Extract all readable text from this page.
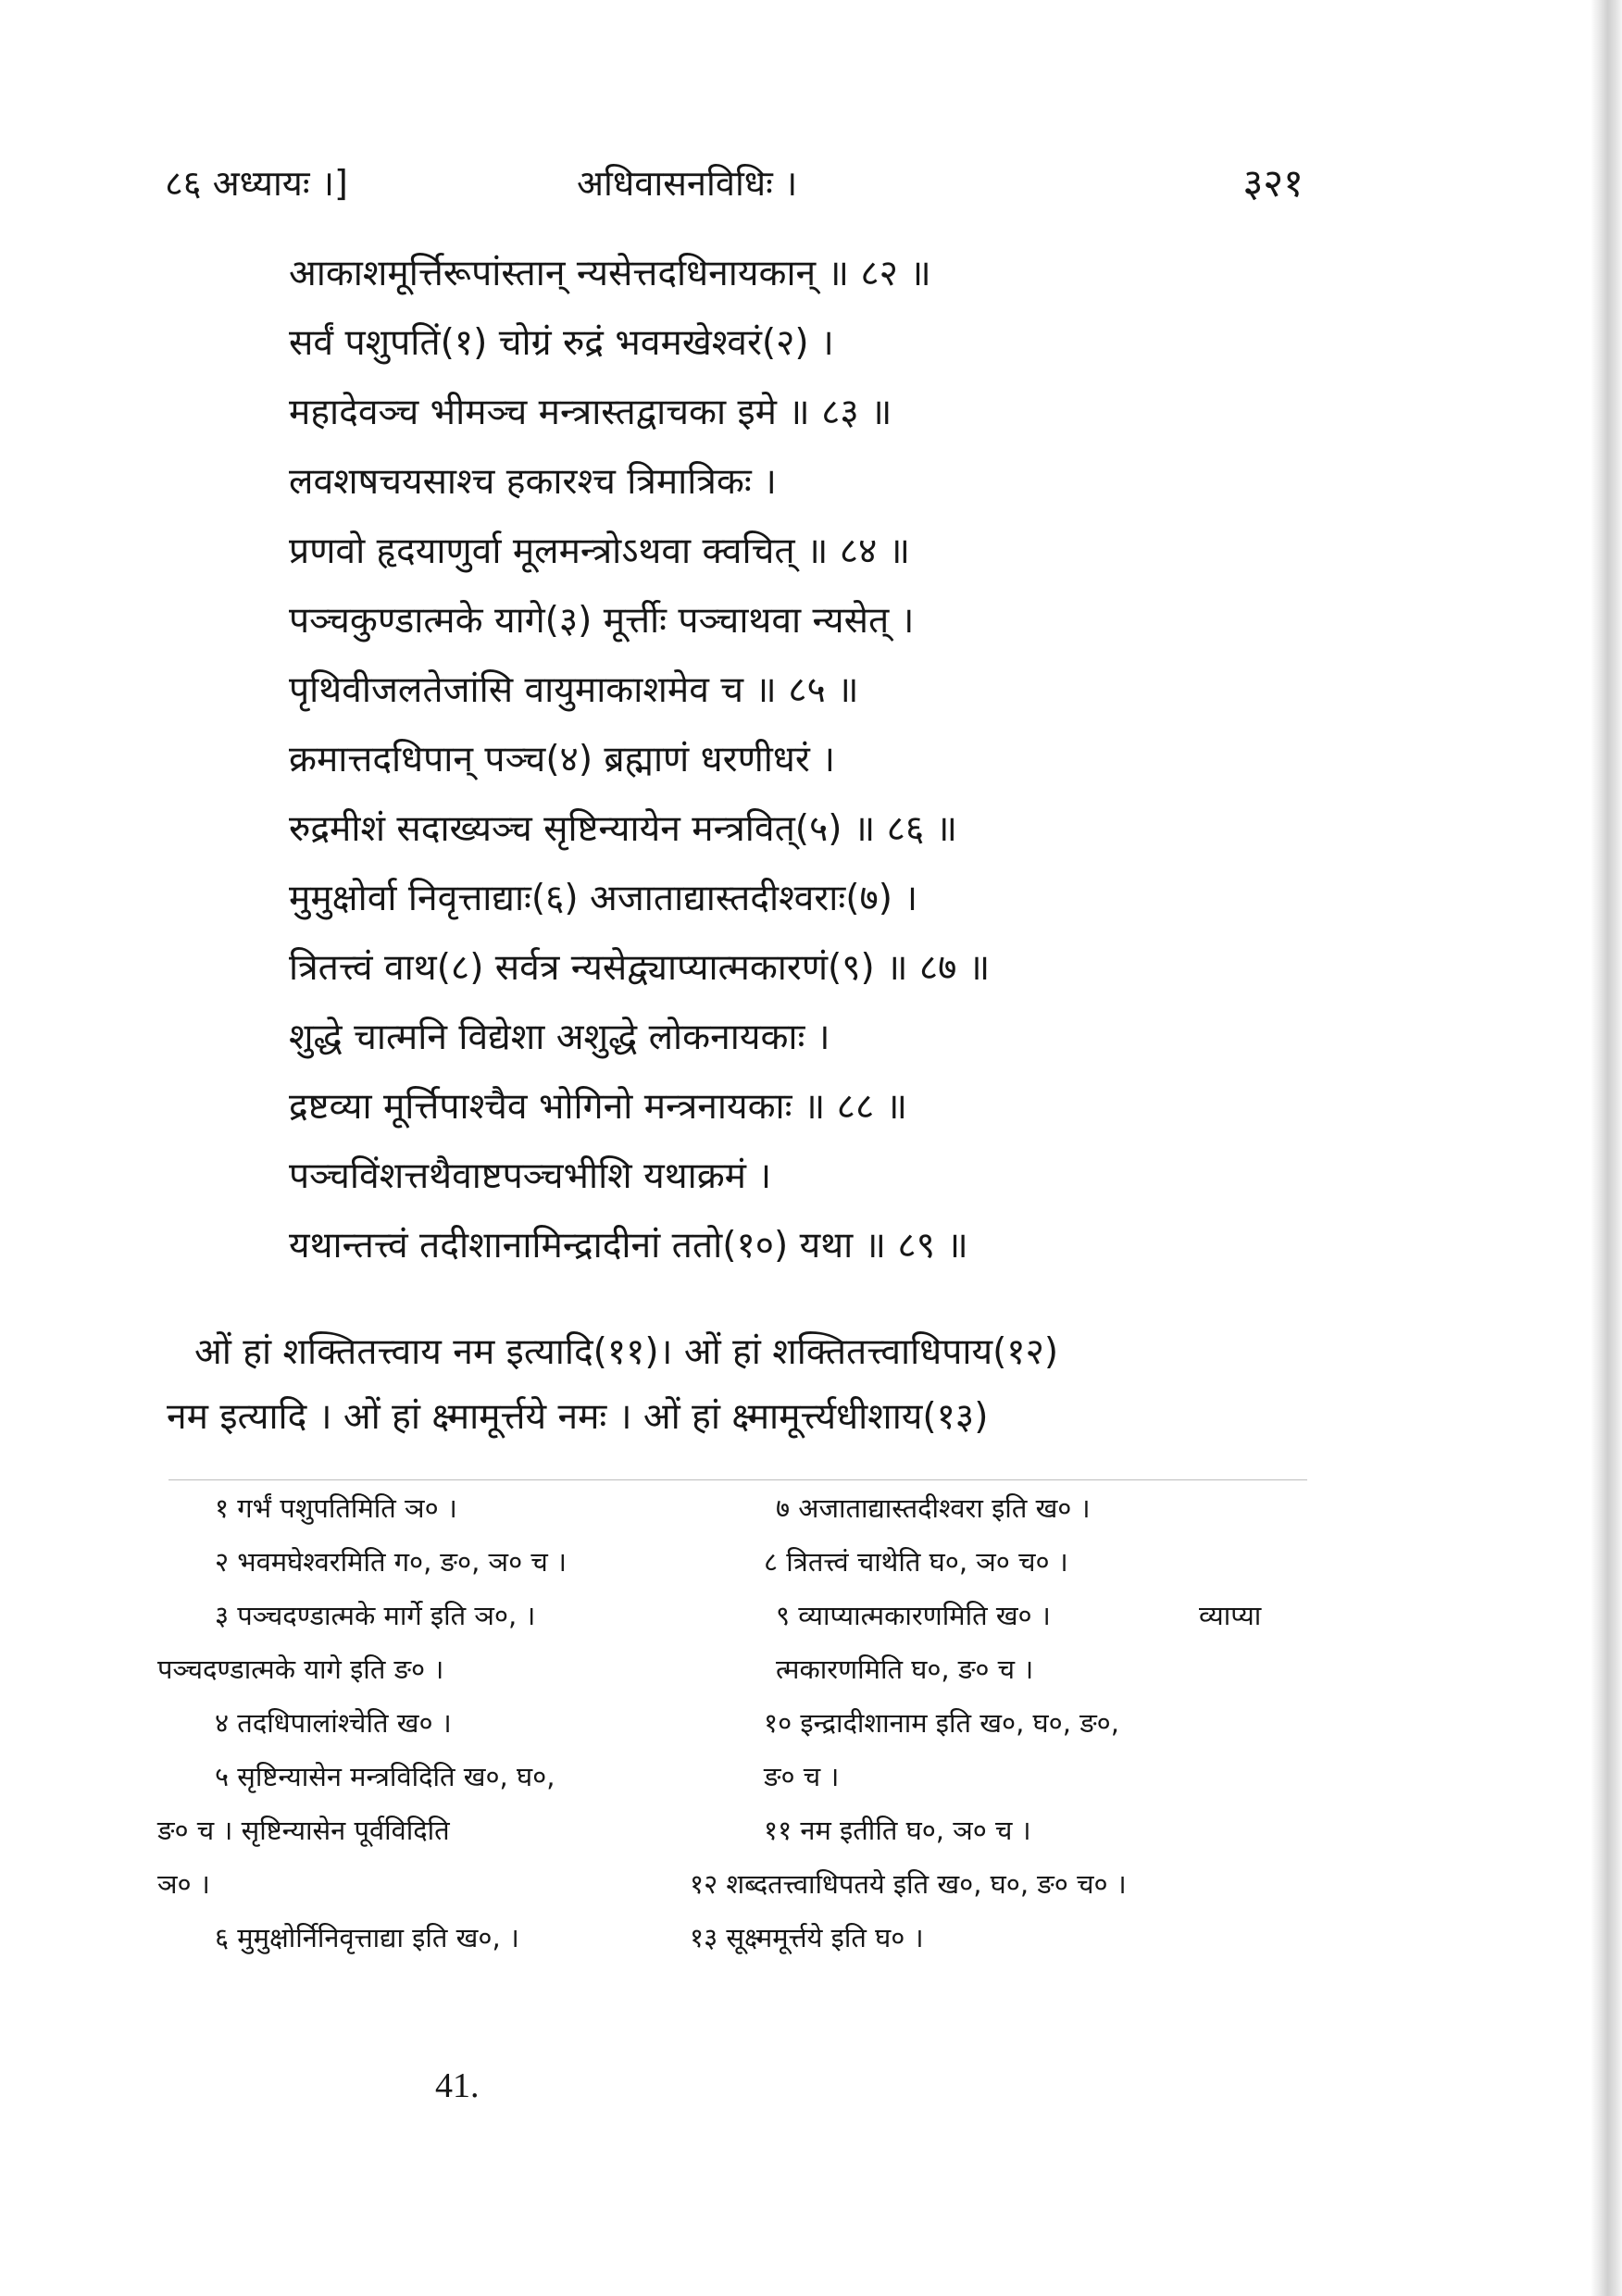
८६ अध्यायः ।]	अधिवासनविधिः ।	३२१
आकाशमूर्त्तिरूपांस्तान् न्यसेत्तदधिनायकान् ॥ ८२ ॥
सर्वं पशुपतिं(१) चोग्रं रुद्रं भवमखेश्वरं(२) ।
महादेवञ्च भीमञ्च मन्त्रास्तद्वाचका इमे ॥ ८३ ॥
लवशषचयसाश्च हकारश्च त्रिमात्रिकः ।
प्रणवो हृदयाणुर्वा मूलमन्त्रोऽथवा क्वचित् ॥ ८४ ॥
पञ्चकुण्डात्मके यागे(३) मूर्त्तीः पञ्चाथवा न्यसेत् ।
पृथिवीजलतेजांसि वायुमाकाशमेव च ॥ ८५ ॥
क्रमात्तदधिपान् पञ्च(४) ब्रह्माणं धरणीधरं ।
रुद्रमीशं सदाख्यञ्च सृष्टिन्यायेन मन्त्रवित्(५) ॥ ८६ ॥
मुमुक्षोर्वा निवृत्ताद्याः(६) अजाताद्यास्तदीश्वराः(७) ।
त्रितत्त्वं वाथ(८) सर्वत्र न्यसेद्व्याप्यात्मकारणं(९) ॥ ८७ ॥
शुद्धे चात्मनि विद्येशा अशुद्धे लोकनायकाः ।
द्रष्टव्या मूर्त्तिपाश्चैव भोगिनो मन्त्रनायकाः ॥ ८८ ॥
पञ्चविंशत्तथैवाष्टपञ्चभीशि यथाक्रमं ।
यथान्तत्त्वं तदीशानामिन्द्रादीनां ततो(१०) यथा ॥ ८९ ॥
ओं हां शक्तितत्त्वाय नम इत्यादि(११)। ओं हां शक्तितत्त्वाधिपाय(१२)
नम इत्यादि । ओं हां क्ष्मामूर्त्तये नमः । ओं हां क्ष्मामूर्त्त्यधीशाय(१३)
१ गर्भं पशुपतिमिति ञ० ।	७ अजाताद्यास्तदीश्वरा इति ख० ।
२ भवमघेश्वरमिति ग०, ङ०, ञ० च ।	८ त्रितत्त्वं चाथेति घ०, ञ० च० ।
३ पञ्चदण्डात्मके मार्गे इति ञ०, ।	९ व्याप्यात्मकारणमिति ख० ।	व्याप्या
पञ्चदण्डात्मके यागे इति ङ० ।	त्मकारणमिति घ०, ङ० च ।
४ तदधिपालांश्चेति ख० ।	१० इन्द्रादीशानाम इति ख०, घ०, ङ०,
५ सृष्टिन्यासेन मन्त्रविदिति ख०, घ०,	ङ० च ।
ङ० च । सृष्टिन्यासेन पूर्वविदिति	११ नम इतीति घ०, ञ० च ।
ञ० ।	१२ शब्दतत्त्वाधिपतये इति ख०, घ०, ङ० च० ।
६ मुमुक्षोर्निनिवृत्ताद्या इति ख०, ।	१३ सूक्ष्ममूर्त्तये इति घ० ।
41.
